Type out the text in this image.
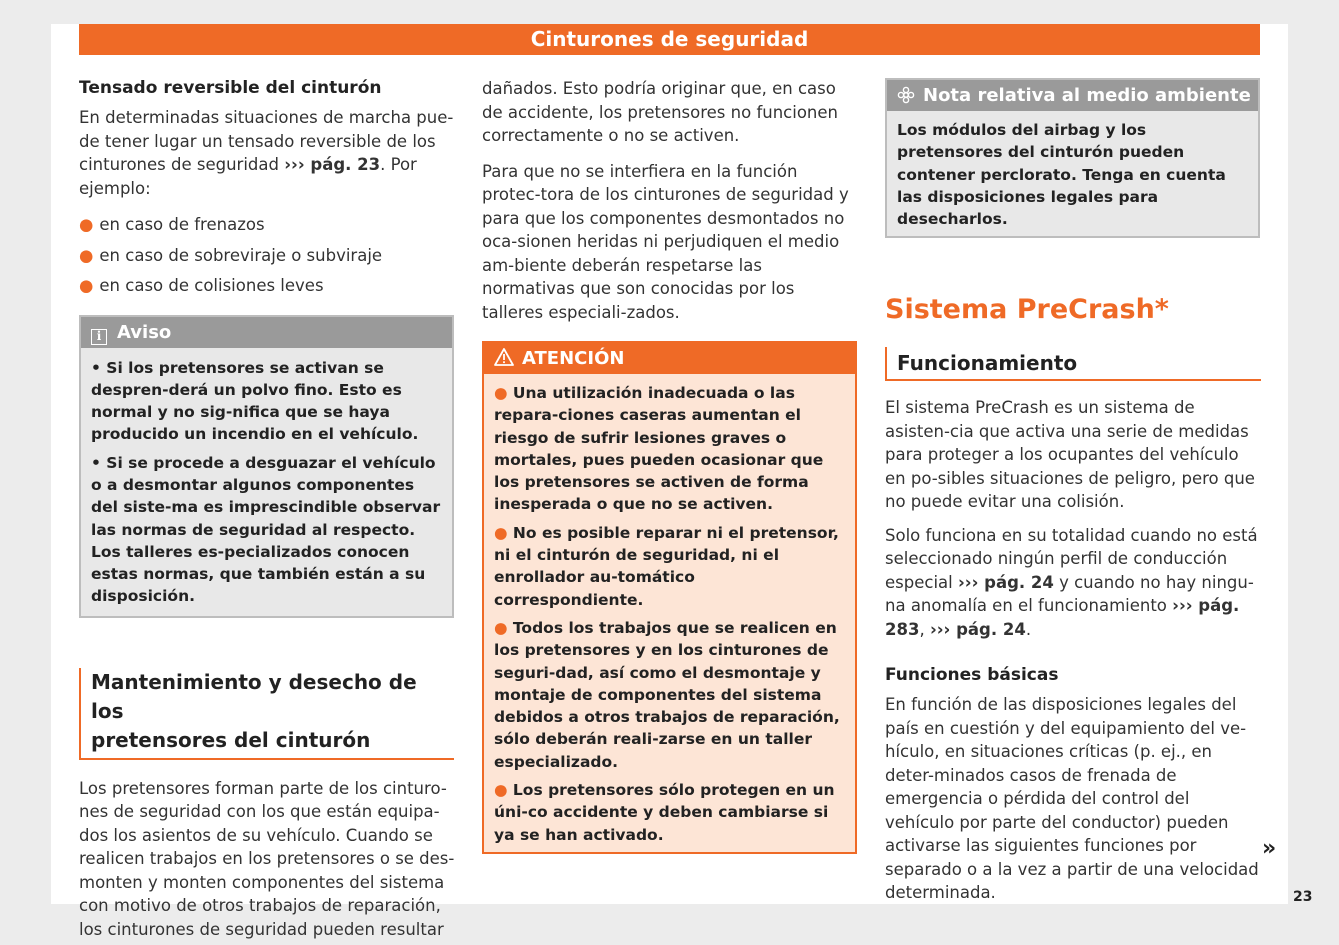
Cinturones de seguridad
Tensado reversible del cinturón

En determinadas situaciones de marcha pue-de tener lugar un tensado reversible de los cinturones de seguridad ››› pág. 23. Por ejemplo:

● en caso de frenazos
● en caso de sobreviraje o subviraje
● en caso de colisiones leves
i Aviso

• Si los pretensores se activan se despren-derá un polvo fino. Esto es normal y no sig-nifica que se haya producido un incendio en el vehículo.

• Si se procede a desguazar el vehículo o a desmontar algunos componentes del siste-ma es imprescindible observar las normas de seguridad al respecto. Los talleres es-pecializados conocen estas normas, que también están a su disposición.

Mantenimiento y desecho de los
pretensores del cinturón

Los pretensores forman parte de los cinturo-nes de seguridad con los que están equipa-dos los asientos de su vehículo. Cuando se realicen trabajos en los pretensores o se des-monten y monten componentes del sistema con motivo de otros trabajos de reparación, los cinturones de seguridad pueden resultar

dañados. Esto podría originar que, en caso de accidente, los pretensores no funcionen correctamente o no se activen.

Para que no se interfiera en la función protec-tora de los cinturones de seguridad y para que los componentes desmontados no oca-sionen heridas ni perjudiquen el medio am-biente deberán respetarse las normativas que son conocidas por los talleres especiali-zados.

ATENCIÓN

● Una utilización inadecuada o las repara-ciones caseras aumentan el riesgo de sufrir lesiones graves o mortales, pues pueden ocasionar que los pretensores se activen de forma inesperada o que no se activen.

● No es posible reparar ni el pretensor, ni el cinturón de seguridad, ni el enrollador au-tomático correspondiente.

● Todos los trabajos que se realicen en los pretensores y en los cinturones de seguri-dad, así como el desmontaje y montaje de componentes del sistema debidos a otros trabajos de reparación, sólo deberán reali-zarse en un taller especializado.

● Los pretensores sólo protegen en un úni-co accidente y deben cambiarse si ya se han activado.

Nota relativa al medio ambiente

Los módulos del airbag y los pretensores del cinturón pueden contener perclorato. Tenga en cuenta las disposiciones legales para desecharlos.

Sistema PreCrash*
Funcionamiento

El sistema PreCrash es un sistema de asisten-cia que activa una serie de medidas para proteger a los ocupantes del vehículo en po-sibles situaciones de peligro, pero que no puede evitar una colisión.

Solo funciona en su totalidad cuando no está seleccionado ningún perfil de conducción especial ››› pág. 24 y cuando no hay ningu-na anomalía en el funcionamiento ››› pág. 283, ››› pág. 24.

Funciones básicas

En función de las disposiciones legales del país en cuestión y del equipamiento del ve-hículo, en situaciones críticas (p. ej., en deter-minados casos de frenada de emergencia o pérdida del control del vehículo por parte del conductor) pueden activarse las siguientes funciones por separado o a la vez a partir de una velocidad determinada.

»
23
